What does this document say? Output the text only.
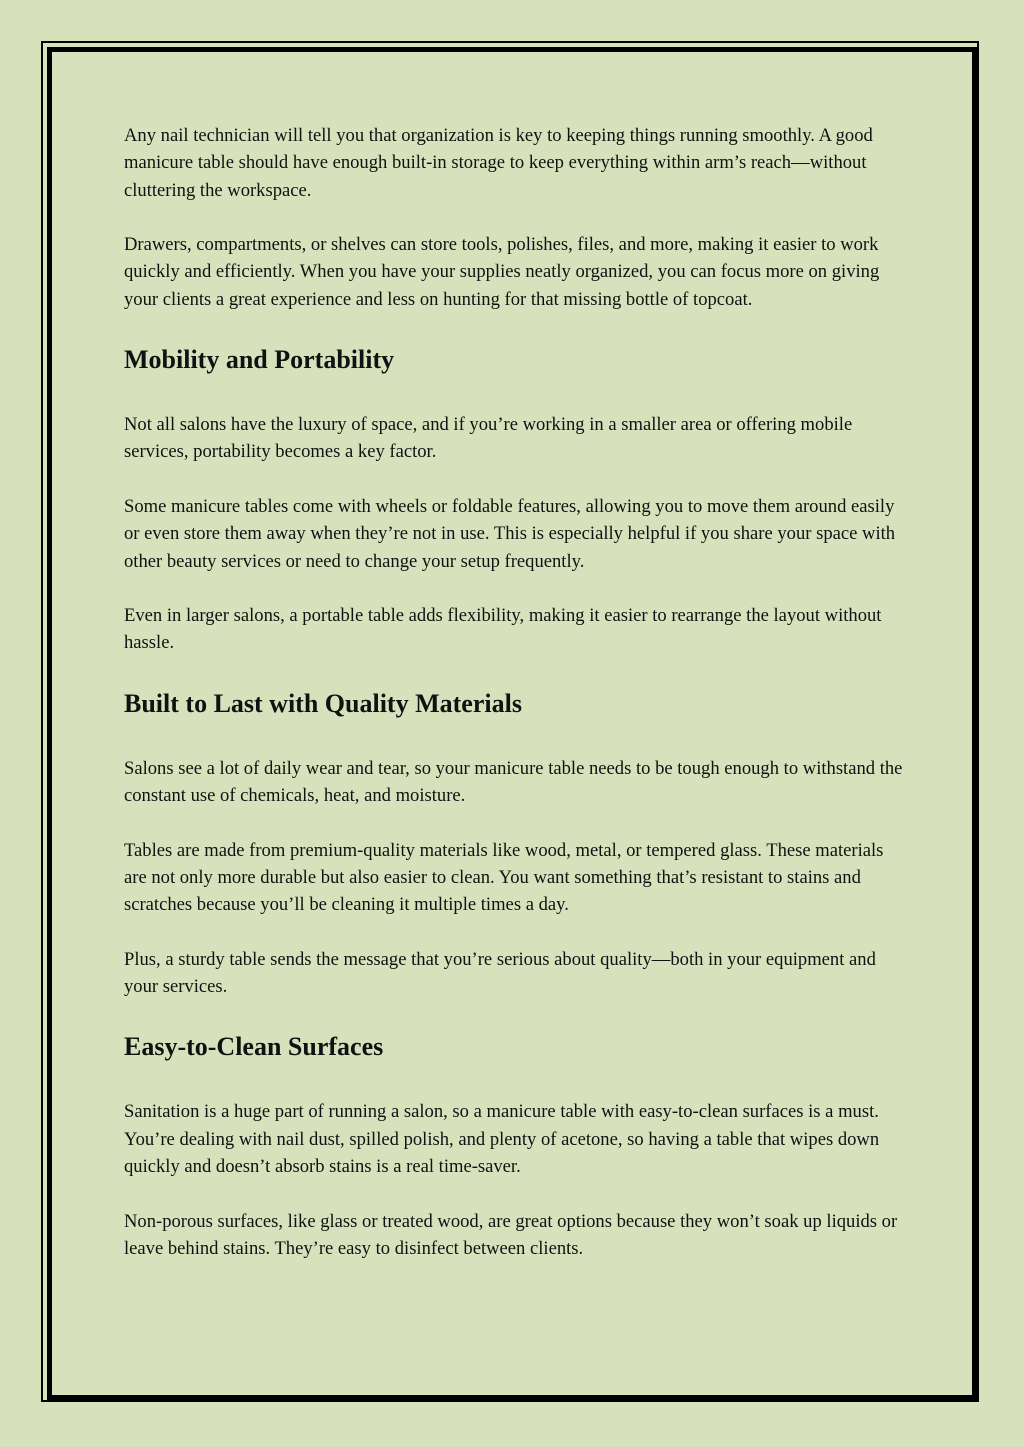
Any nail technician will tell you that organization is key to keeping things running smoothly. A good manicure table should have enough built-in storage to keep everything within arm’s reach—without cluttering the workspace.

Drawers, compartments, or shelves can store tools, polishes, files, and more, making it easier to work quickly and efficiently. When you have your supplies neatly organized, you can focus more on giving your clients a great experience and less on hunting for that missing bottle of topcoat.

Mobility and Portability

Not all salons have the luxury of space, and if you’re working in a smaller area or offering mobile services, portability becomes a key factor.

Some manicure tables come with wheels or foldable features, allowing you to move them around easily or even store them away when they’re not in use. This is especially helpful if you share your space with other beauty services or need to change your setup frequently.

Even in larger salons, a portable table adds flexibility, making it easier to rearrange the layout without hassle.

Built to Last with Quality Materials

Salons see a lot of daily wear and tear, so your manicure table needs to be tough enough to withstand the constant use of chemicals, heat, and moisture.

Tables are made from premium-quality materials like wood, metal, or tempered glass. These materials are not only more durable but also easier to clean. You want something that’s resistant to stains and scratches because you’ll be cleaning it multiple times a day.

Plus, a sturdy table sends the message that you’re serious about quality—both in your equipment and your services.

Easy-to-Clean Surfaces

Sanitation is a huge part of running a salon, so a manicure table with easy-to-clean surfaces is a must. You’re dealing with nail dust, spilled polish, and plenty of acetone, so having a table that wipes down quickly and doesn’t absorb stains is a real time-saver.

Non-porous surfaces, like glass or treated wood, are great options because they won’t soak up liquids or leave behind stains. They’re easy to disinfect between clients.
